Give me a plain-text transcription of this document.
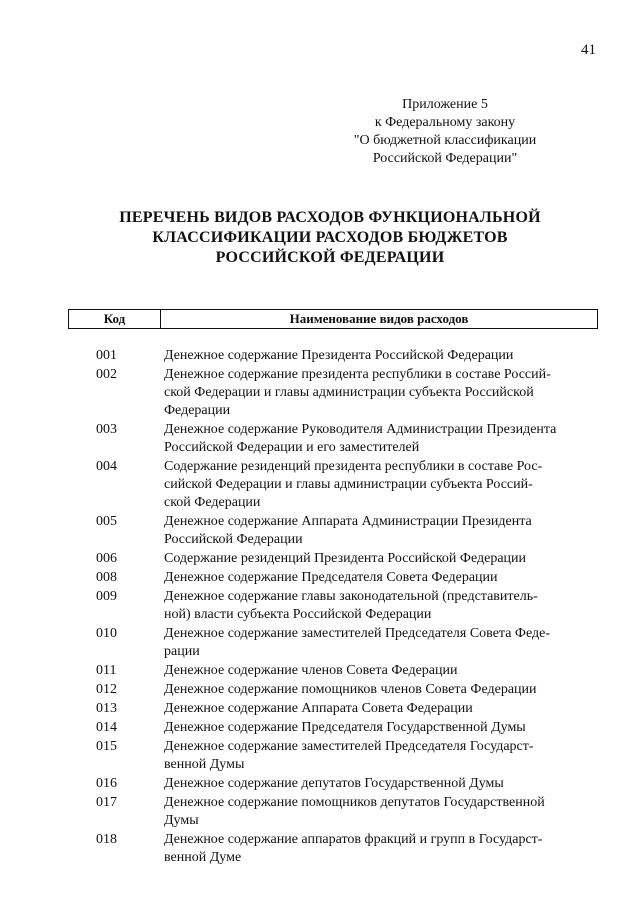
41
Приложение 5
к Федеральному закону
"О бюджетной классификации
Российской Федерации"
ПЕРЕЧЕНЬ ВИДОВ РАСХОДОВ ФУНКЦИОНАЛЬНОЙ
КЛАССИФИКАЦИИ РАСХОДОВ БЮДЖЕТОВ
РОССИЙСКОЙ ФЕДЕРАЦИИ
Код	Наименование видов расходов
001	Денежное содержание Президента Российской Федерации
002	Денежное содержание президента республики в составе Россий-
ской Федерации и главы администрации субъекта Российской
Федерации
003	Денежное содержание Руководителя Администрации Президента
Российской Федерации и его заместителей
004	Содержание резиденций президента республики в составе Рос-
сийской Федерации и главы администрации субъекта Россий-
ской Федерации
005	Денежное содержание Аппарата Администрации Президента
Российской Федерации
006	Содержание резиденций Президента Российской Федерации
008	Денежное содержание Председателя Совета Федерации
009	Денежное содержание главы законодательной (представитель-
ной) власти субъекта Российской Федерации
010	Денежное содержание заместителей Председателя Совета Феде-
рации
011	Денежное содержание членов Совета Федерации
012	Денежное содержание помощников членов Совета Федерации
013	Денежное содержание Аппарата Совета Федерации
014	Денежное содержание Председателя Государственной Думы
015	Денежное содержание заместителей Председателя Государст-
венной Думы
016	Денежное содержание депутатов Государственной Думы
017	Денежное содержание помощников депутатов Государственной
Думы
018	Денежное содержание аппаратов фракций и групп в Государст-
венной Думе
